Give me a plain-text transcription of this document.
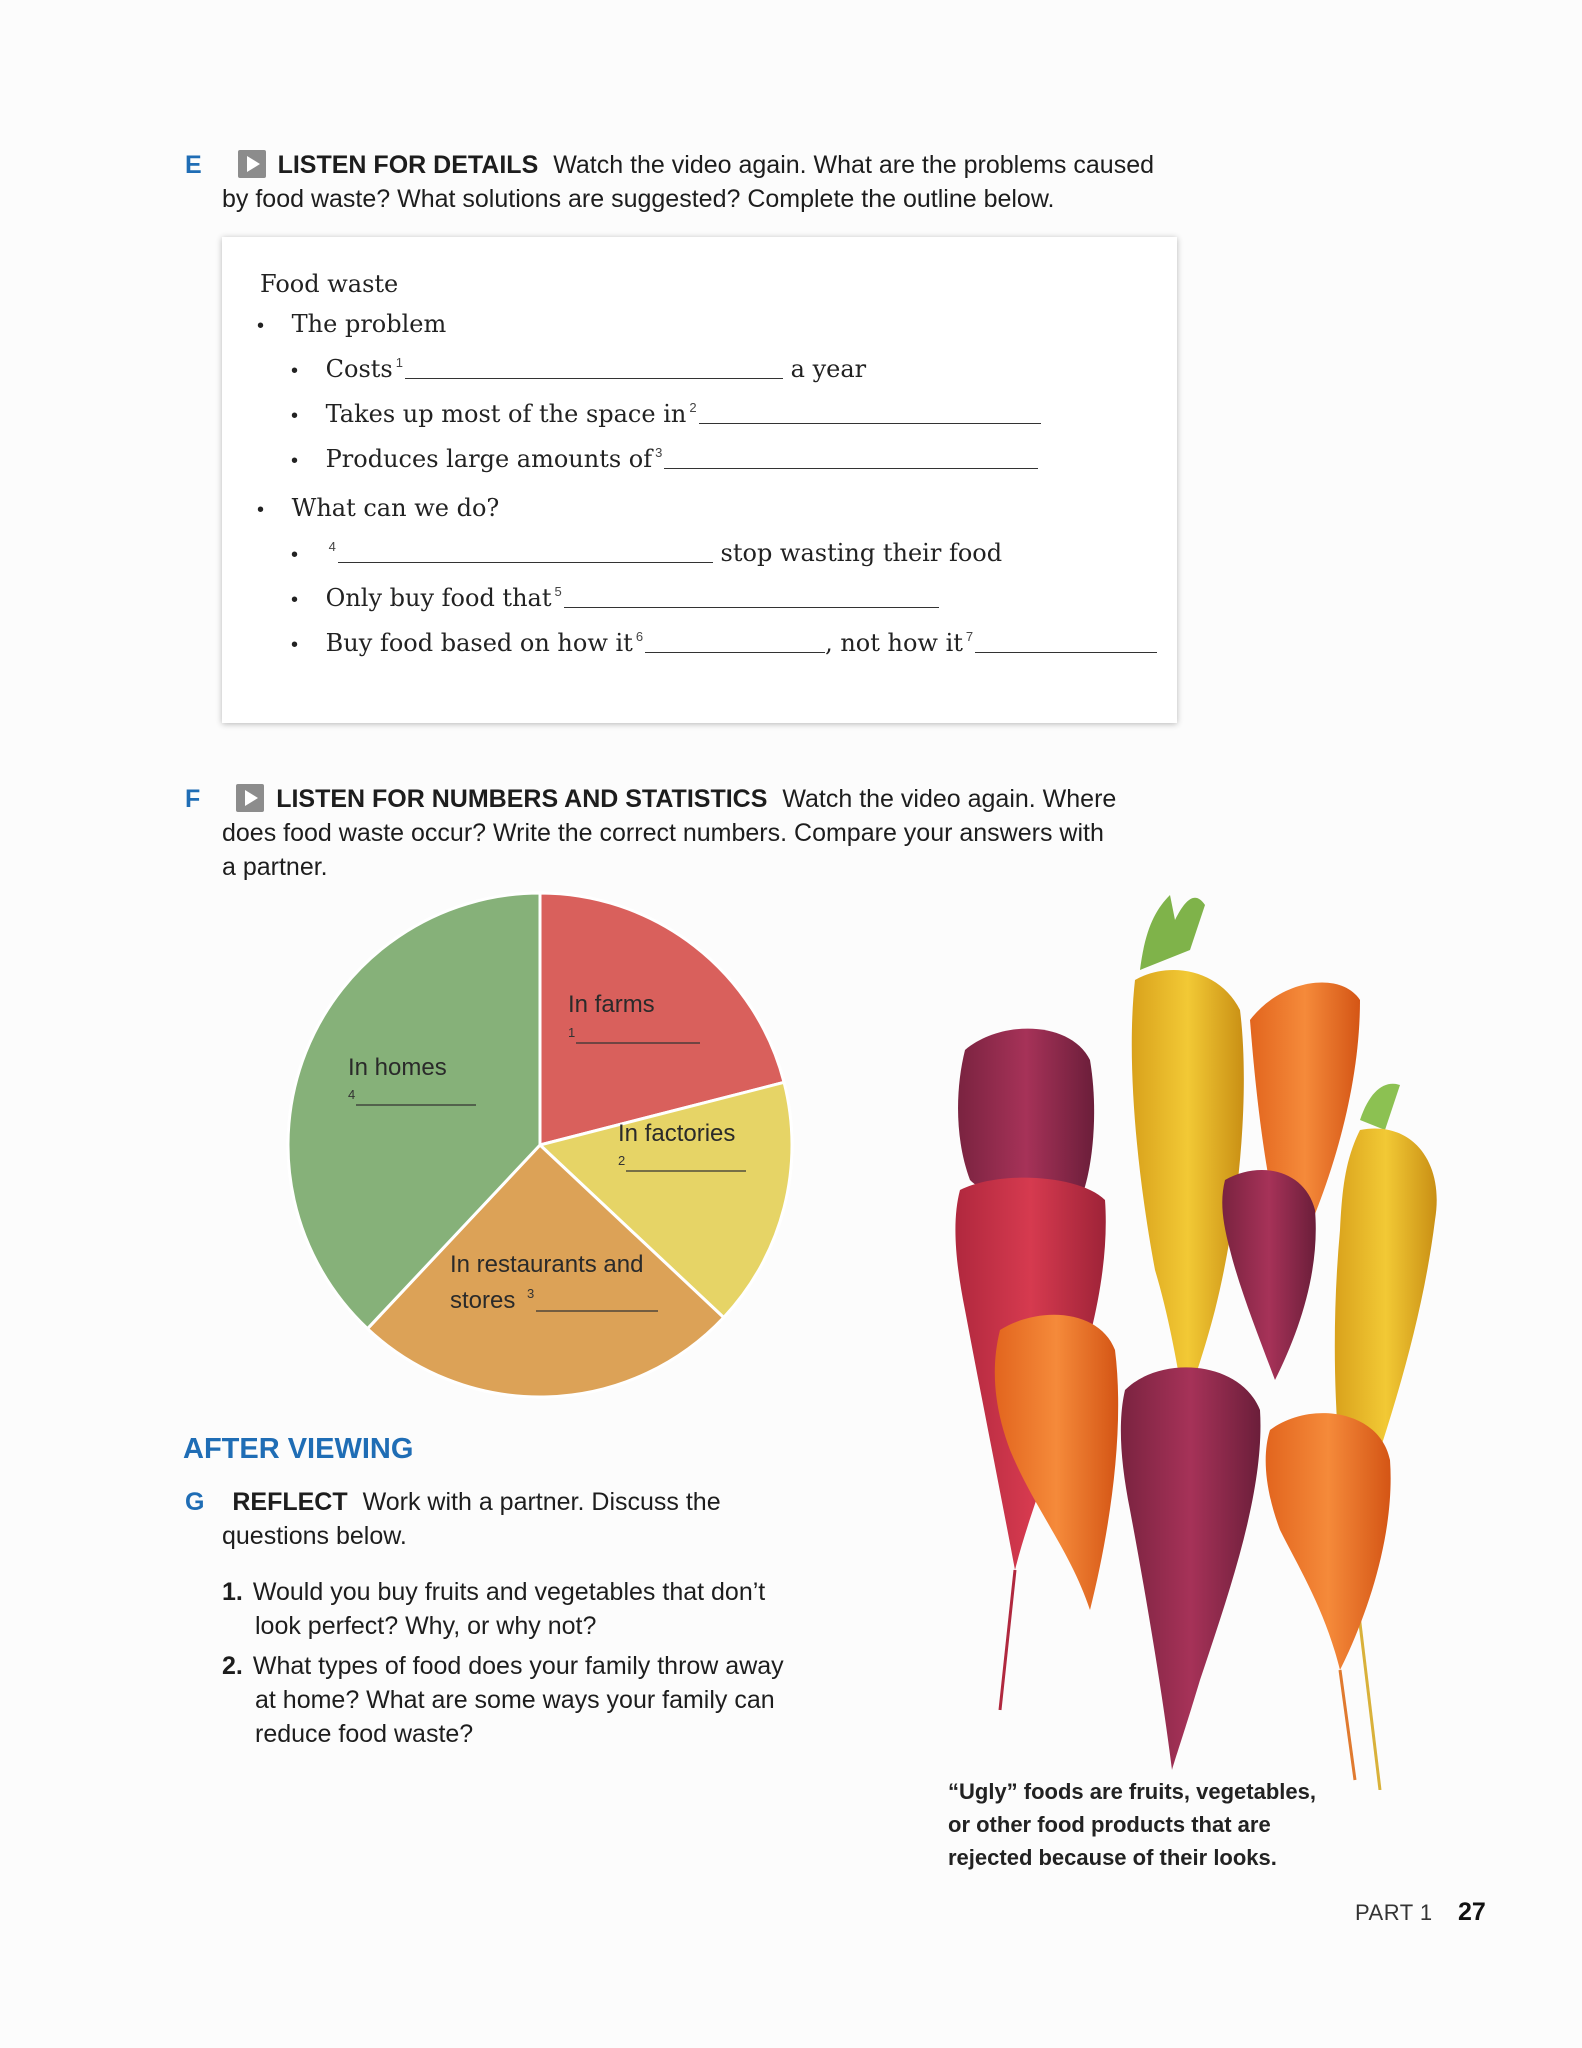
E	LISTEN FOR DETAILS Watch the video again. What are the problems caused
by food waste? What solutions are suggested? Complete the outline below.
Food waste
• The problem
• Costs $^1$	a year
• Takes up most of the space in $^2$
• Produces large amounts of $^3$
• What can we do?
• $^4$	stop wasting their food
• Only buy food that $^5$
• Buy food based on how it $^6$	, not how it $^7$
F	LISTEN FOR NUMBERS AND STATISTICS Watch the video again. Where
does food waste occur? Write the correct numbers. Compare your answers with
a partner.
In farms
1
In factories
2
In restaurants and
stores 3
In homes
4
AFTER VIEWING
G REFLECT Work with a partner. Discuss the
questions below.
1. Would you buy fruits and vegetables that don’t
look perfect? Why, or why not?
2. What types of food does your family throw away
at home? What are some ways your family can
reduce food waste?
“Ugly” foods are fruits, vegetables,
or other food products that are
rejected because of their looks.
PART 1 27
